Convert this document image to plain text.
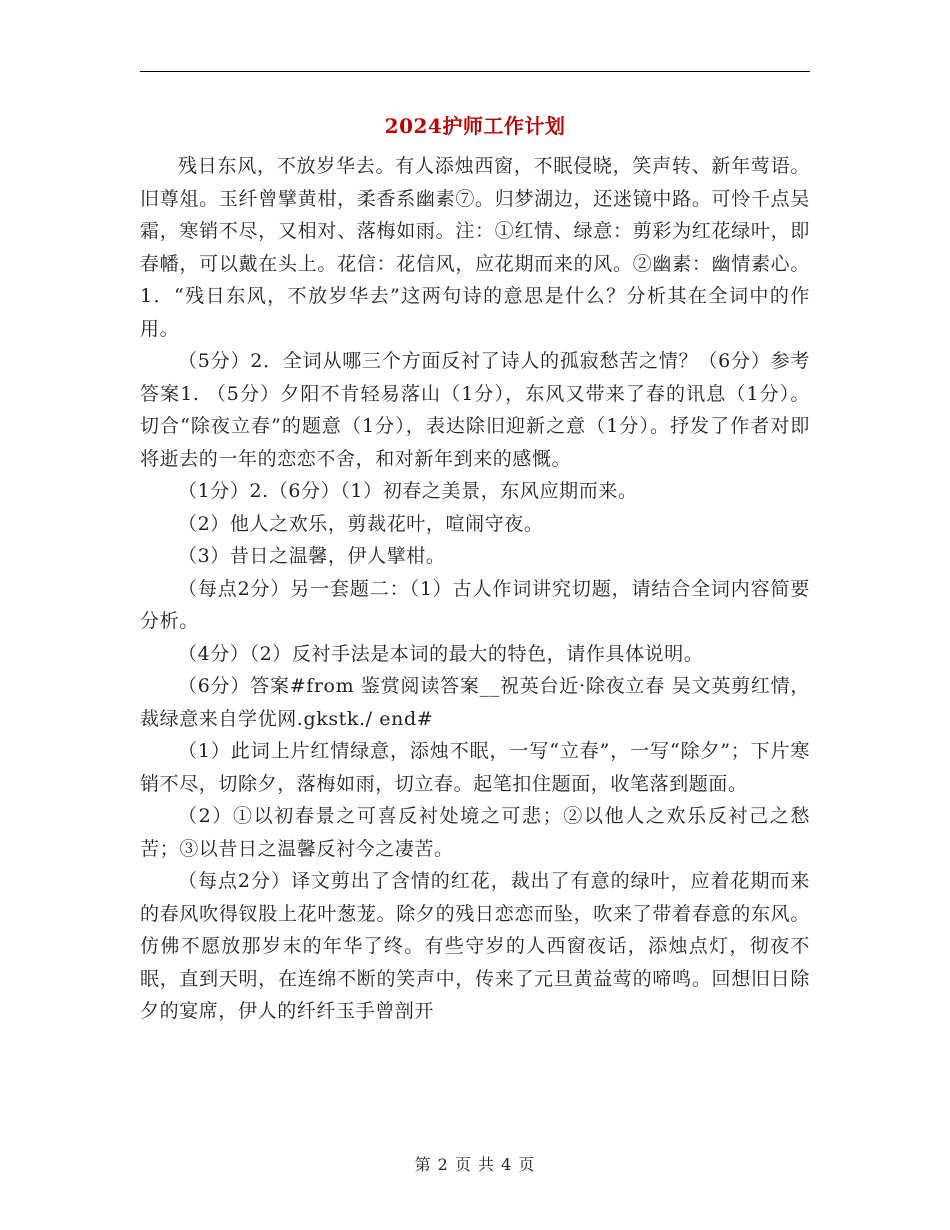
2024护师工作计划

残日东风，不放岁华去。有人添烛西窗，不眠侵晓，笑声转、新年莺语。旧尊俎。玉纤曾擘黄柑，柔香系幽素⑦。归梦湖边，还迷镜中路。可怜千点吴霜，寒销不尽，又相对、落梅如雨。注：①红情、绿意：剪彩为红花绿叶，即春幡，可以戴在头上。花信：花信风，应花期而来的风。②幽素：幽情素心。1．“残日东风，不放岁华去”这两句诗的意思是什么？分析其在全词中的作用。

（5分）2．全词从哪三个方面反衬了诗人的孤寂愁苦之情？（6分）参考答案1. （5分）夕阳不肯轻易落山（1分），东风又带来了春的讯息（1分）。切合“除夜立春”的题意（1分），表达除旧迎新之意（1分）。抒发了作者对即将逝去的一年的恋恋不舍，和对新年到来的感慨。

（1分）2.（6分）（1）初春之美景，东风应期而来。

（2）他人之欢乐，剪裁花叶，喧闹守夜。

（3）昔日之温馨，伊人擘柑。

（每点2分）另一套题二：（1）古人作词讲究切题，请结合全词内容简要分析。

（4分）（2）反衬手法是本词的最大的特色，请作具体说明。

（6分）答案#from 鉴赏阅读答案__祝英台近·除夜立春 吴文英剪红情，裁绿意来自学优网.gkstk./ end#

（1）此词上片红情绿意，添烛不眠，一写“立春”，一写“除夕”；下片寒销不尽，切除夕，落梅如雨，切立春。起笔扣住题面，收笔落到题面。

（2）①以初春景之可喜反衬处境之可悲；②以他人之欢乐反衬己之愁苦；③以昔日之温馨反衬今之凄苦。

（每点2分）译文剪出了含情的红花，裁出了有意的绿叶，应着花期而来的春风吹得钗股上花叶葱茏。除夕的残日恋恋而坠，吹来了带着春意的东风。仿佛不愿放那岁末的年华了终。有些守岁的人西窗夜话，添烛点灯，彻夜不眠，直到天明，在连绵不断的笑声中，传来了元旦黄益莺的啼鸣。回想旧日除夕的宴席，伊人的纤纤玉手曾剖开

第 2 页 共 4 页
